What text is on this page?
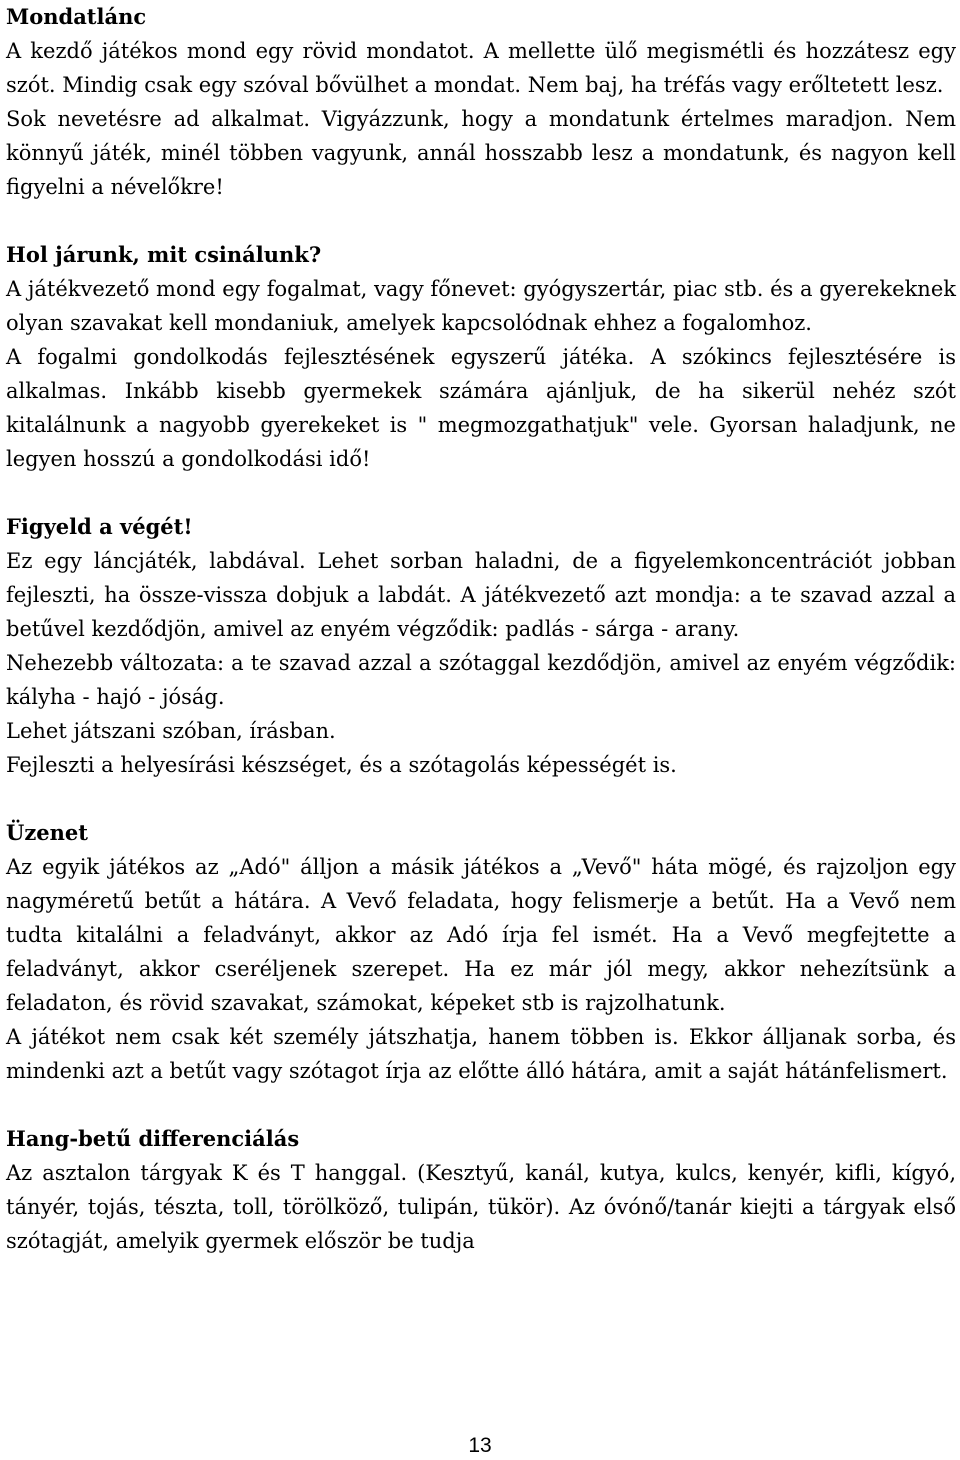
Mondatlánc

A kezdő játékos mond egy rövid mondatot. A mellette ülő megismétli és hozzátesz egy szót. Mindig csak egy szóval bővülhet a mondat. Nem baj, ha tréfás vagy erőltetett lesz.

Sok nevetésre ad alkalmat. Vigyázzunk, hogy a mondatunk értelmes maradjon. Nem könnyű játék, minél többen vagyunk, annál hosszabb lesz a mondatunk, és nagyon kell figyelni a névelőkre!

Hol járunk, mit csinálunk?

A játékvezető mond egy fogalmat, vagy főnevet: gyógyszertár, piac stb. és a gyerekeknek olyan szavakat kell mondaniuk, amelyek kapcsolódnak ehhez a fogalomhoz.

A fogalmi gondolkodás fejlesztésének egyszerű játéka. A szókincs fejlesztésére is alkalmas. Inkább kisebb gyermekek számára ajánljuk, de ha sikerül nehéz szót kitalálnunk a nagyobb gyerekeket is " megmozgathatjuk" vele. Gyorsan haladjunk, ne legyen hosszú a gondolkodási idő!

Figyeld a végét!

Ez egy láncjáték, labdával. Lehet sorban haladni, de a figyelemkoncentrációt jobban fejleszti, ha össze-vissza dobjuk a labdát. A játékvezető azt mondja: a te szavad azzal a betűvel kezdődjön, amivel az enyém végződik: padlás - sárga - arany.

Nehezebb változata: a te szavad azzal a szótaggal kezdődjön, amivel az enyém végződik: kályha - hajó - jóság.

Lehet játszani szóban, írásban.

Fejleszti a helyesírási készséget, és a szótagolás képességét is.

Üzenet

Az egyik játékos az „Adó" álljon a másik játékos a „Vevő" háta mögé, és rajzoljon egy nagyméretű betűt a hátára. A Vevő feladata, hogy felismerje a betűt. Ha a Vevő nem tudta kitalálni a feladványt, akkor az Adó írja fel ismét. Ha a Vevő megfejtette a feladványt, akkor cseréljenek szerepet. Ha ez már jól megy, akkor nehezítsünk a feladaton, és rövid szavakat, számokat, képeket stb is rajzolhatunk.

A játékot nem csak két személy játszhatja, hanem többen is. Ekkor álljanak sorba, és mindenki azt a betűt vagy szótagot írja az előtte álló hátára, amit a saját hátánfelismert.

Hang-betű differenciálás

Az asztalon tárgyak K és T hanggal. (Kesztyű, kanál, kutya, kulcs, kenyér, kifli, kígyó, tányér, tojás, tészta, toll, törölköző, tulipán, tükör). Az óvónő/tanár kiejti a tárgyak első szótagját, amelyik gyermek először be tudja

13
